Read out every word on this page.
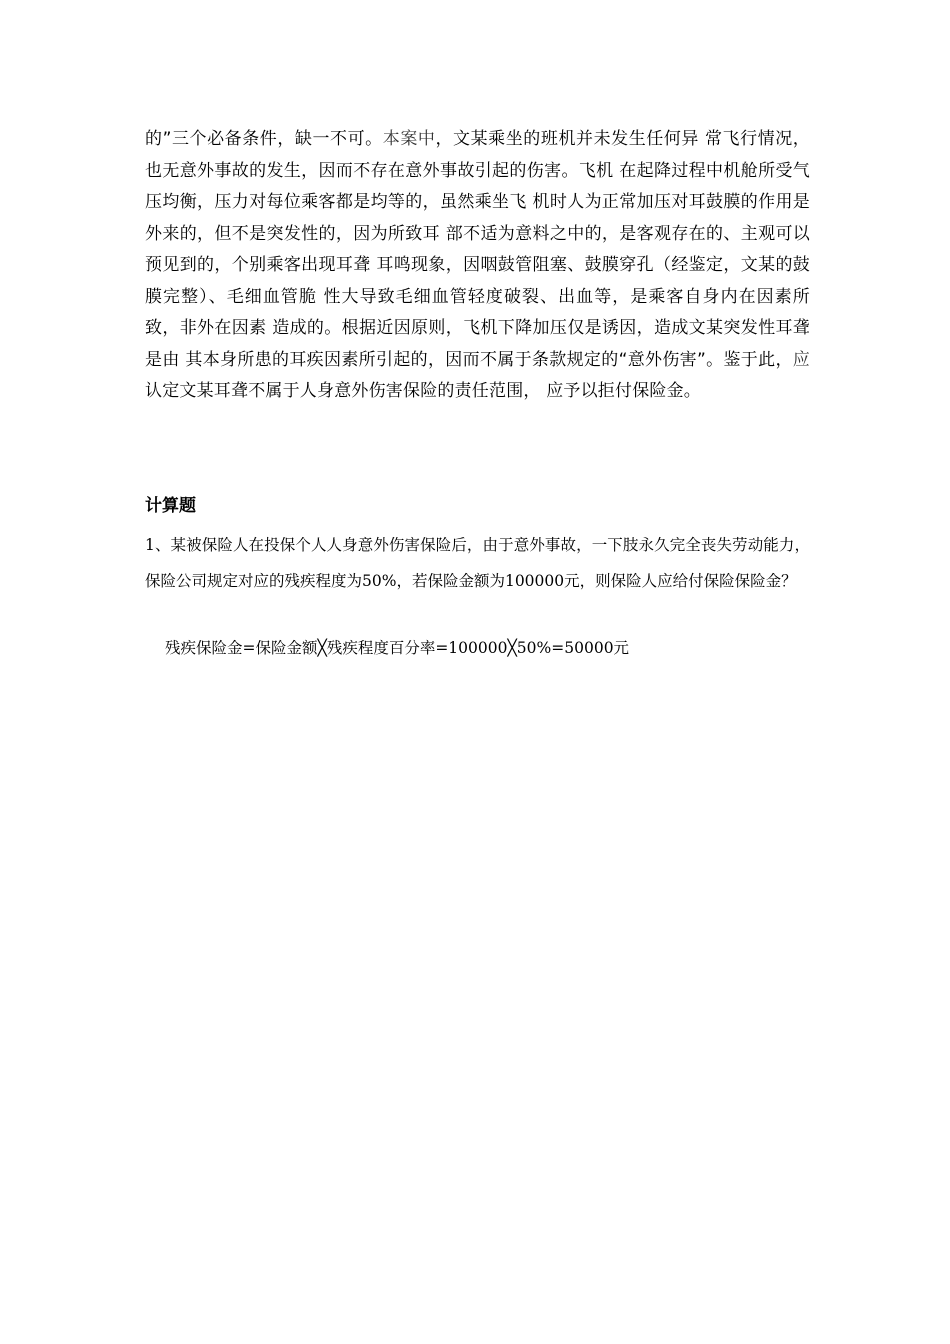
的”三个必备条件，缺一不可。本案中，文某乘坐的班机并未发生任何异 常飞行情况，也无意外事故的发生，因而不存在意外事故引起的伤害。飞机 在起降过程中机舱所受气压均衡，压力对每位乘客都是均等的，虽然乘坐飞 机时人为正常加压对耳鼓膜的作用是外来的，但不是突发性的，因为所致耳 部不适为意料之中的，是客观存在的、主观可以预见到的，个别乘客出现耳聋 耳鸣现象，因咽鼓管阻塞、鼓膜穿孔（经鉴定，文某的鼓膜完整）、毛细血管脆 性大导致毛细血管轻度破裂、出血等，是乘客自身内在因素所致，非外在因素 造成的。根据近因原则，飞机下降加压仅是诱因，造成文某突发性耳聋是由 其本身所患的耳疾因素所引起的，因而不属于条款规定的“意外伤害”。鉴于此，应认定文某耳聋不属于人身意外伤害保险的责任范围， 应予以拒付保险金。

计算题

1、某被保险人在投保个人人身意外伤害保险后，由于意外事故，一下肢永久完全丧失劳动能力，保险公司规定对应的残疾程度为50%，若保险金额为100000元，则保险人应给付保险保险金？

残疾保险金=保险金额╳残疾程度百分率=100000╳50%=50000元
